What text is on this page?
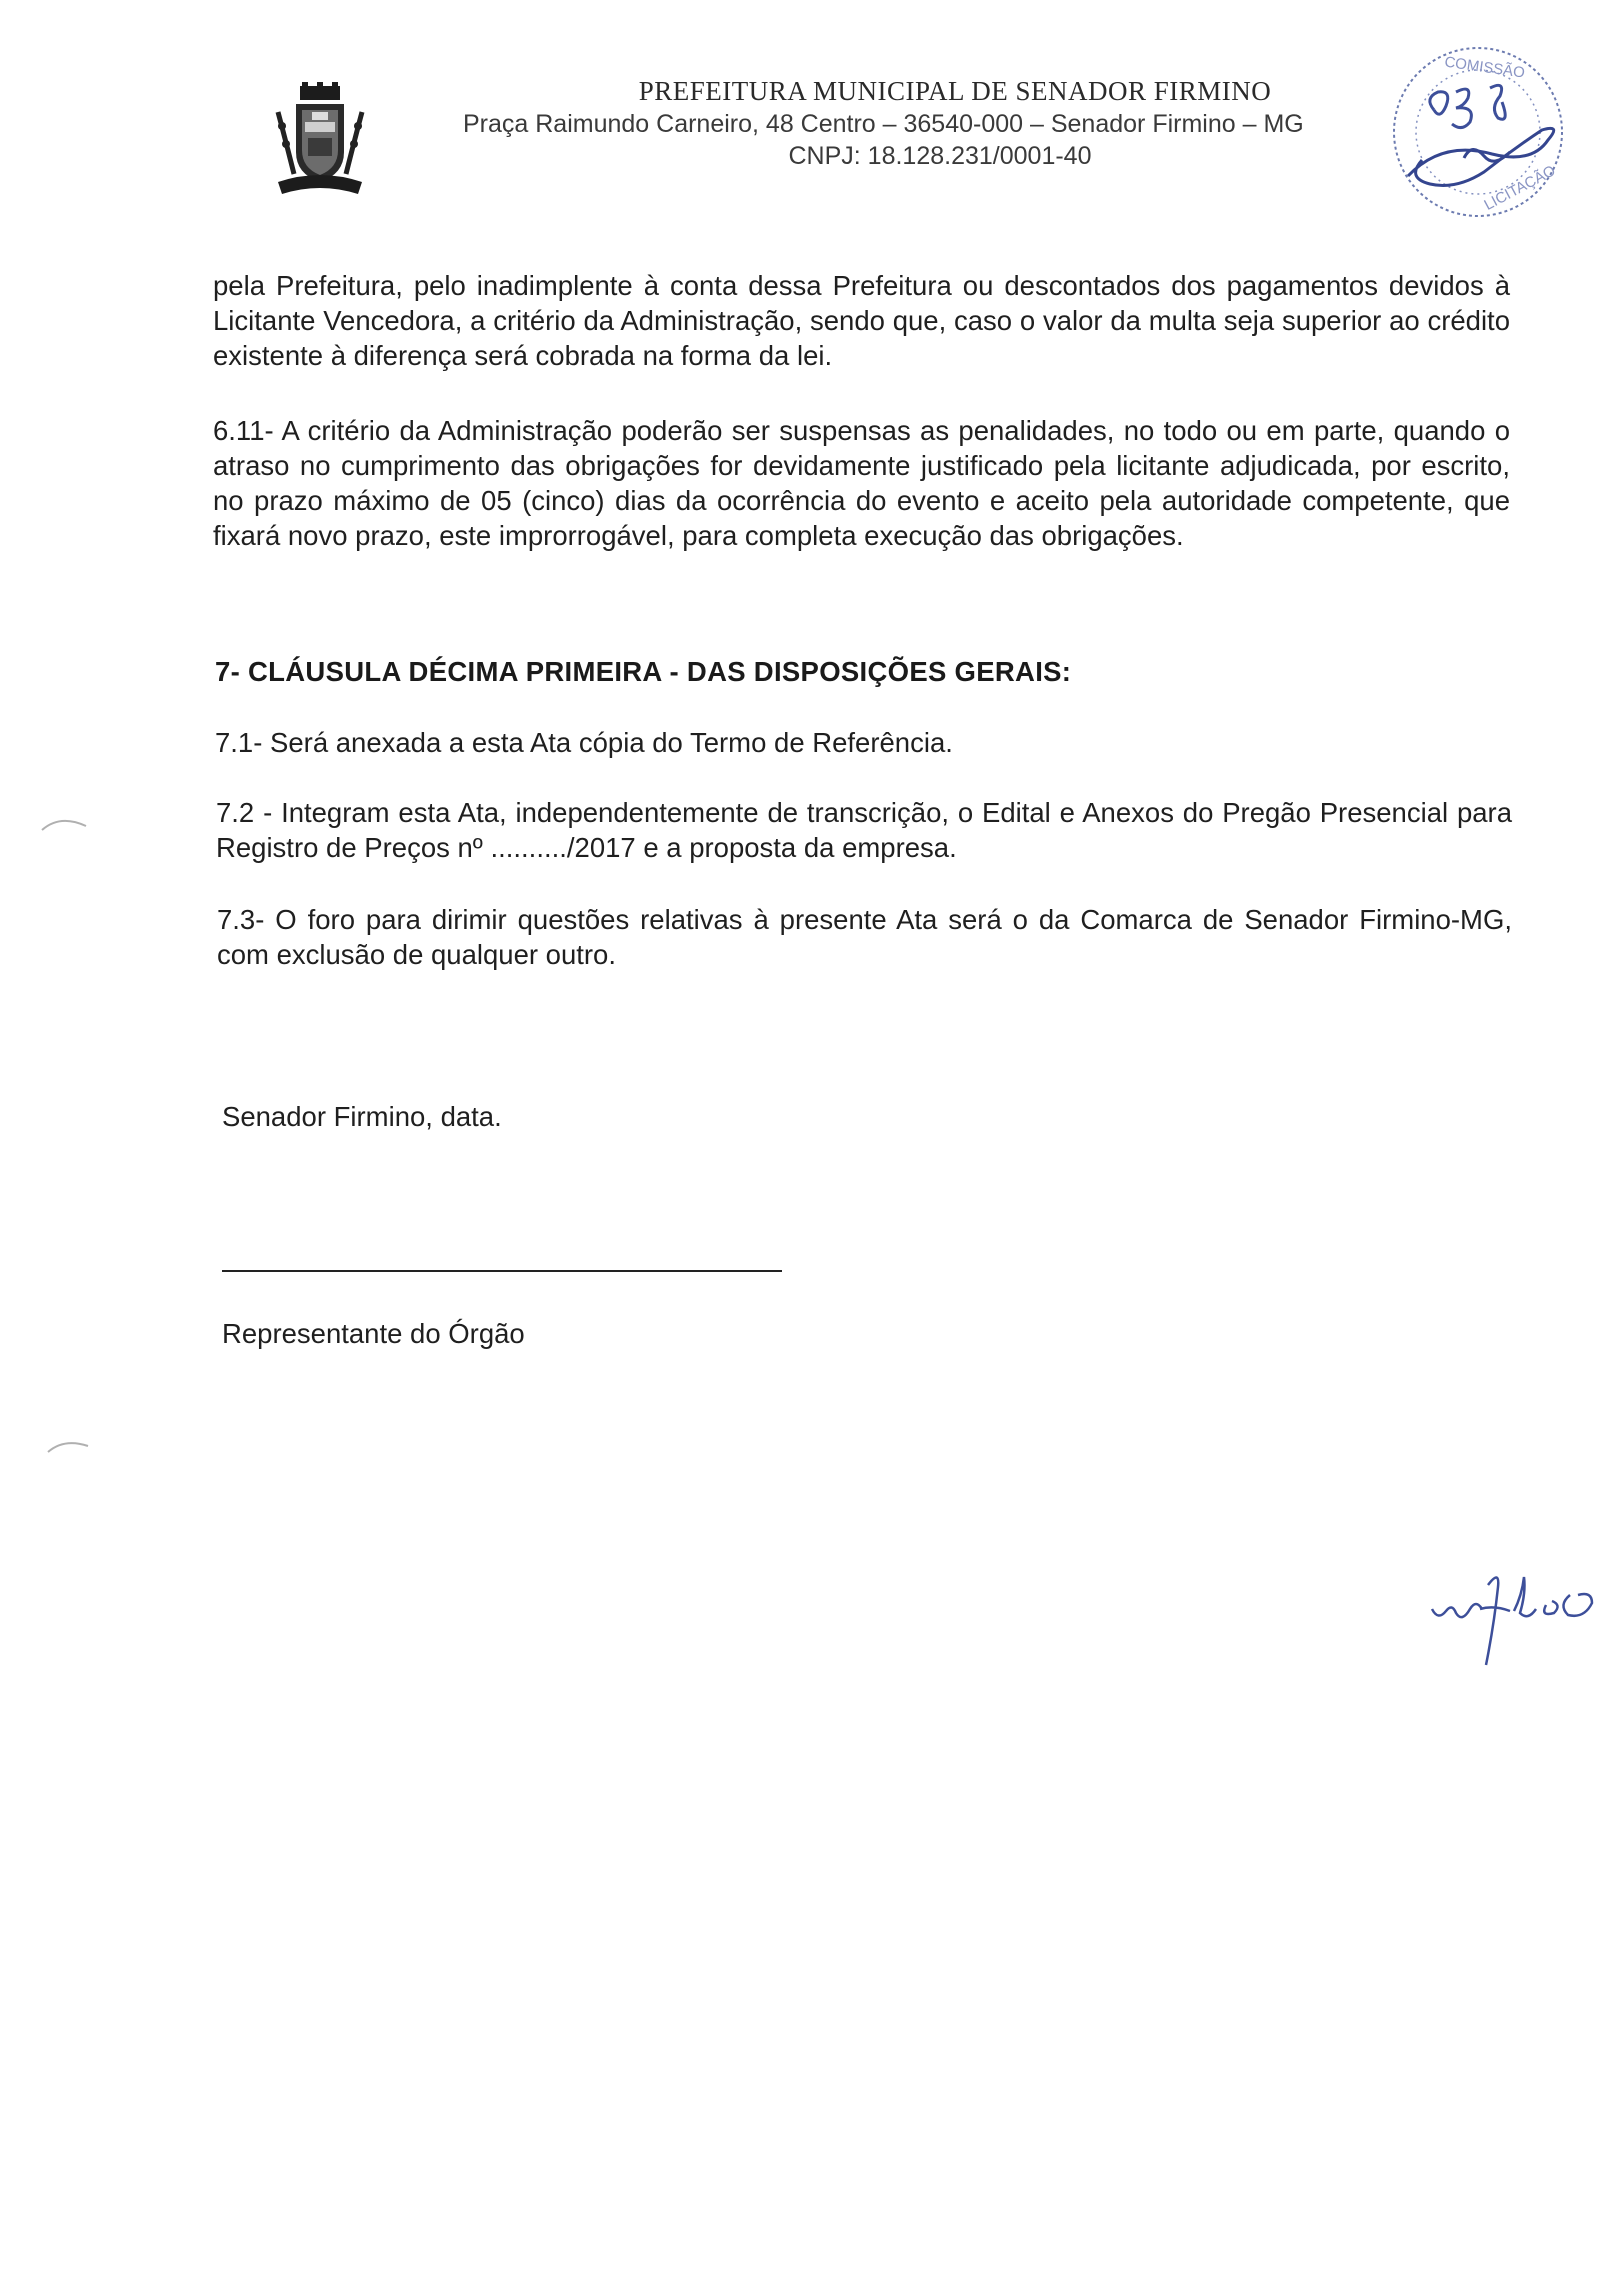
PREFEITURA MUNICIPAL DE SENADOR FIRMINO
Praça Raimundo Carneiro, 48 Centro – 36540-000 – Senador Firmino – MG
CNPJ: 18.128.231/0001-40
COMISSÃO
LICITAÇÃO
pela Prefeitura, pelo inadimplente à conta dessa Prefeitura ou descontados dos pagamentos devidos à Licitante Vencedora, a critério da Administração, sendo que, caso o valor da multa seja superior ao crédito existente à diferença será cobrada na forma da lei.
6.11- A critério da Administração poderão ser suspensas as penalidades, no todo ou em parte, quando o atraso no cumprimento das obrigações for devidamente justificado pela licitante adjudicada, por escrito, no prazo máximo de 05 (cinco) dias da ocorrência do evento e aceito pela autoridade competente, que fixará novo prazo, este improrrogável, para completa execução das obrigações.
7- CLÁUSULA DÉCIMA PRIMEIRA - DAS DISPOSIÇÕES GERAIS:
7.1- Será anexada a esta Ata cópia do Termo de Referência.
7.2 - Integram esta Ata, independentemente de transcrição, o Edital e Anexos do Pregão Presencial para Registro de Preços nº ........../2017 e a proposta da empresa.
7.3- O foro para dirimir questões relativas à presente Ata será o da Comarca de Senador Firmino-MG, com exclusão de qualquer outro.
Senador Firmino, data.
Representante do Órgão
